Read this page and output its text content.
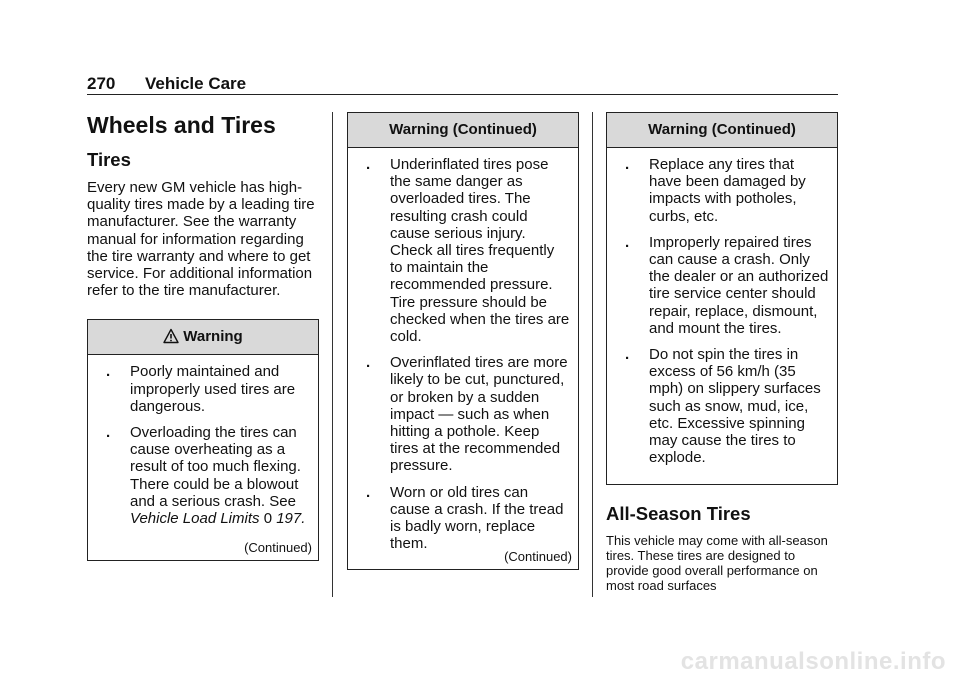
270 Vehicle Care
Wheels and Tires
Tires

Every new GM vehicle has high-quality tires made by a leading tire manufacturer. See the warranty manual for information regarding the tire warranty and where to get service. For additional information refer to the tire manufacturer.

Warning
. Poorly maintained and improperly used tires are dangerous.
. Overloading the tires can cause overheating as a result of too much flexing. There could be a blowout and a serious crash. See Vehicle Load Limits 0 197.
(Continued)
Warning (Continued)
. Underinflated tires pose the same danger as overloaded tires. The resulting crash could cause serious injury. Check all tires frequently to maintain the recommended pressure. Tire pressure should be checked when the tires are cold.
. Overinflated tires are more likely to be cut, punctured, or broken by a sudden impact — such as when hitting a pothole. Keep tires at the recommended pressure.
. Worn or old tires can cause a crash. If the tread is badly worn, replace them.
(Continued)
Warning (Continued)
. Replace any tires that have been damaged by impacts with potholes, curbs, etc.
. Improperly repaired tires can cause a crash. Only the dealer or an authorized tire service center should repair, replace, dismount, and mount the tires.
. Do not spin the tires in excess of 56 km/h (35 mph) on slippery surfaces such as snow, mud, ice, etc. Excessive spinning may cause the tires to explode.
All-Season Tires

This vehicle may come with all-season tires. These tires are designed to provide good overall performance on most road surfaces

carmanualsonline.info
